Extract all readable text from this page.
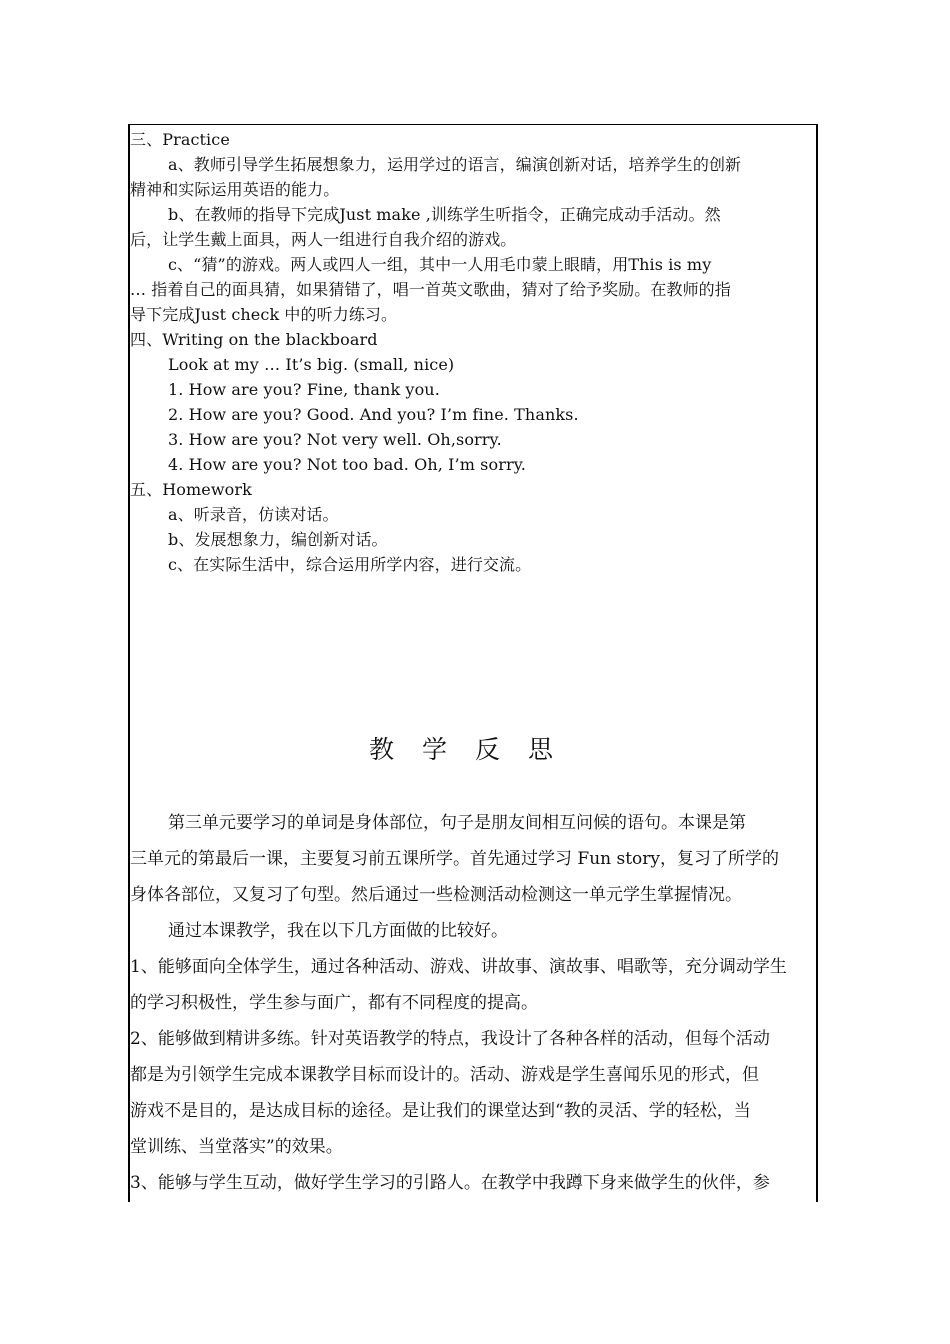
三、Practice
a、教师引导学生拓展想象力，运用学过的语言，编演创新对话，培养学生的创新
精神和实际运用英语的能力。
b、在教师的指导下完成Just make ,训练学生听指令，正确完成动手活动。然
后，让学生戴上面具，两人一组进行自我介绍的游戏。
c、“猜”的游戏。两人或四人一组，其中一人用毛巾蒙上眼睛，用This is my
… 指着自己的面具猜，如果猜错了，唱一首英文歌曲，猜对了给予奖励。在教师的指
导下完成Just check 中的听力练习。
四、Writing on the blackboard
Look at my … It’s big. (small, nice)
1. How are you? Fine, thank you.
2. How are you? Good. And you? I’m fine. Thanks.
3. How are you? Not very well. Oh,sorry.
4. How are you? Not too bad. Oh, I’m sorry.
五、Homework
a、听录音，仿读对话。
b、发展想象力，编创新对话。
c、在实际生活中，综合运用所学内容，进行交流。
教学反思
第三单元要学习的单词是身体部位，句子是朋友间相互问候的语句。本课是第
三单元的第最后一课，主要复习前五课所学。首先通过学习 Fun story，复习了所学的
身体各部位，又复习了句型。然后通过一些检测活动检测这一单元学生掌握情况。
通过本课教学，我在以下几方面做的比较好。
1、能够面向全体学生，通过各种活动、游戏、讲故事、演故事、唱歌等，充分调动学生
的学习积极性，学生参与面广，都有不同程度的提高。
2、能够做到精讲多练。针对英语教学的特点，我设计了各种各样的活动，但每个活动
都是为引领学生完成本课教学目标而设计的。活动、游戏是学生喜闻乐见的形式，但
游戏不是目的，是达成目标的途径。是让我们的课堂达到“教的灵活、学的轻松，当
堂训练、当堂落实”的效果。
3、能够与学生互动，做好学生学习的引路人。在教学中我蹲下身来做学生的伙伴，参
